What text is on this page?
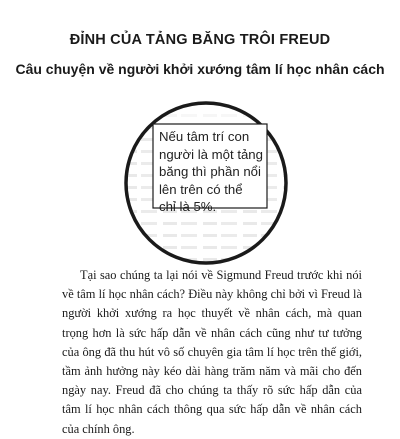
ĐỈNH CỦA TẢNG BĂNG TRÔI FREUD
Câu chuyện về người khởi xướng tâm lí học nhân cách
Nếu tâm trí con người là một tảng băng thì phần nổi lên trên có thể chỉ là 5%.

Tại sao chúng ta lại nói về Sigmund Freud trước khi nói về tâm lí học nhân cách? Điều này không chỉ bởi vì Freud là người khởi xướng ra học thuyết về nhân cách, mà quan trọng hơn là sức hấp dẫn về nhân cách cũng như tư tưởng của ông đã thu hút vô số chuyên gia tâm lí học trên thế giới, tầm ảnh hưởng này kéo dài hàng trăm năm và mãi cho đến ngày nay. Freud đã cho chúng ta thấy rõ sức hấp dẫn của tâm lí học nhân cách thông qua sức hấp dẫn về nhân cách của chính ông.
